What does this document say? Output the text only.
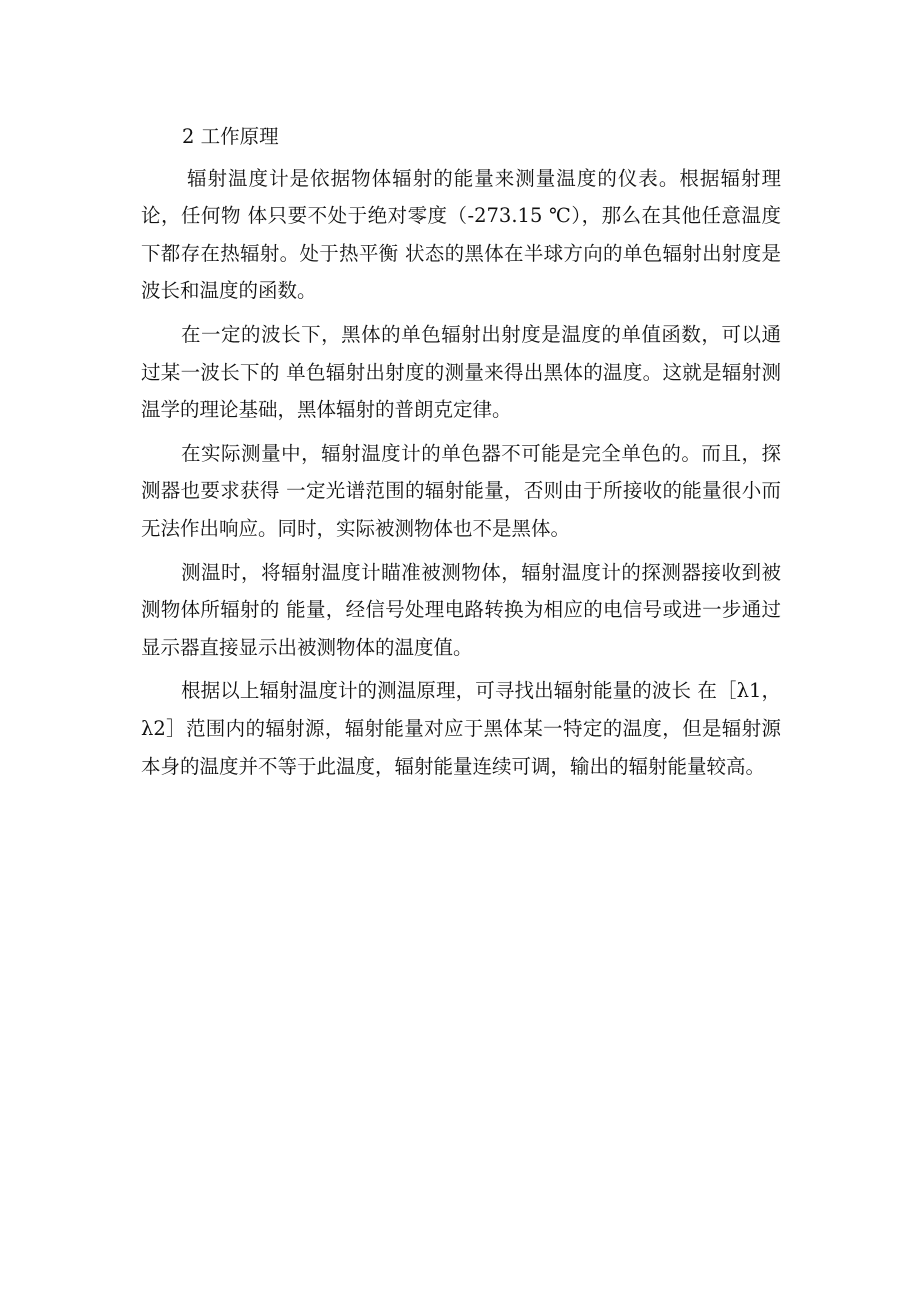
2 工作原理

辐射温度计是依据物体辐射的能量来测量温度的仪表。根据辐射理论，任何物 体只要不处于绝对零度（-273.15 ℃），那么在其他任意温度下都存在热辐射。处于热平衡 状态的黑体在半球方向的单色辐射出射度是波长和温度的函数。

在一定的波长下，黑体的单色辐射出射度是温度的单值函数，可以通过某一波长下的 单色辐射出射度的测量来得出黑体的温度。这就是辐射测温学的理论基础，黑体辐射的普朗克定律。

在实际测量中，辐射温度计的单色器不可能是完全单色的。而且，探测器也要求获得 一定光谱范围的辐射能量，否则由于所接收的能量很小而无法作出响应。同时，实际被测物体也不是黑体。

测温时，将辐射温度计瞄准被测物体，辐射温度计的探测器接收到被测物体所辐射的 能量，经信号处理电路转换为相应的电信号或进一步通过显示器直接显示出被测物体的温度值。

根据以上辐射温度计的测温原理，可寻找出辐射能量的波长 在［λ1，λ2］范围内的辐射源，辐射能量对应于黑体某一特定的温度，但是辐射源 本身的温度并不等于此温度，辐射能量连续可调，输出的辐射能量较高。
